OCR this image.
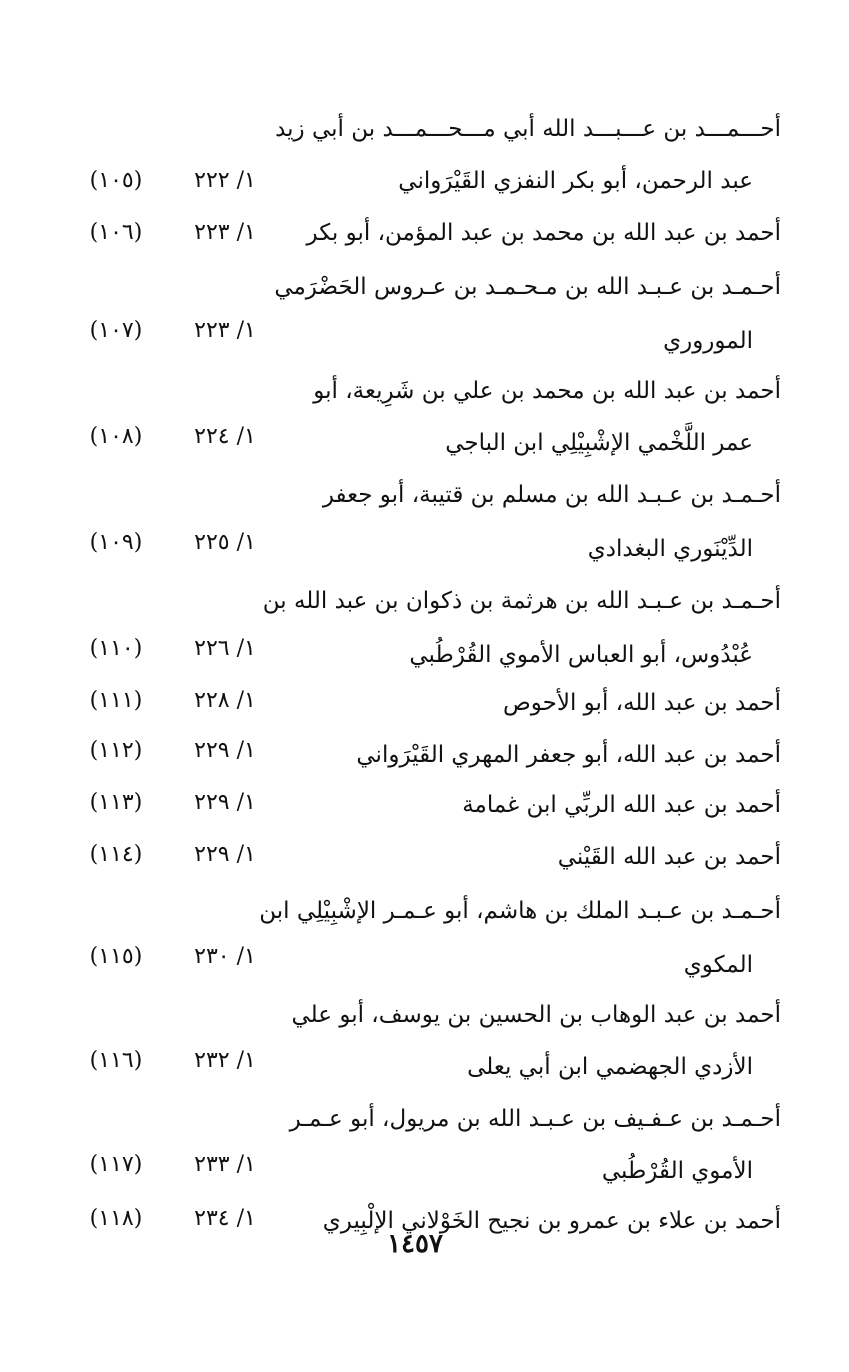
أحـــمـــد بن عـــبـــد الله أبي مـــحـــمـــد بن أبي زيد
عبد الرحمن، أبو بكر النفزي القَيْرَواني
١/ ٢٢٢
(١٠٥)
أحمد بن عبد الله بن محمد بن عبد المؤمن، أبو بكر
١/ ٢٢٣
(١٠٦)
أحـمـد بن عـبـد الله بن مـحـمـد بن عـروس الحَضْرَمي
الموروري
١/ ٢٢٣
(١٠٧)
أحمد بن عبد الله بن محمد بن علي بن شَرِيعة، أبو
عمر اللَّخْمي الإشْبِيْلِي ابن الباجي
١/ ٢٢٤
(١٠٨)
أحـمـد بن عـبـد الله بن مسلم بن قتيبة، أبو جعفر
الدِّيْنَوري البغدادي
١/ ٢٢٥
(١٠٩)
أحـمـد بن عـبـد الله بن هرثمة بن ذكوان بن عبد الله بن
عُبْدُوس، أبو العباس الأموي القُرْطُبي
١/ ٢٢٦
(١١٠)
أحمد بن عبد الله، أبو الأحوص
١/ ٢٢٨
(١١١)
أحمد بن عبد الله، أبو جعفر المهري القَيْرَواني
١/ ٢٢٩
(١١٢)
أحمد بن عبد الله الربِّي ابن غمامة
١/ ٢٢٩
(١١٣)
أحمد بن عبد الله القَيْني
١/ ٢٢٩
(١١٤)
أحـمـد بن عـبـد الملك بن هاشم، أبو عـمـر الإشْبِيْلِي ابن
المكوي
١/ ٢٣٠
(١١٥)
أحمد بن عبد الوهاب بن الحسين بن يوسف، أبو علي
الأزدي الجهضمي ابن أبي يعلى
١/ ٢٣٢
(١١٦)
أحـمـد بن عـفـيف بن عـبـد الله بن مريول، أبو عـمـر
الأموي القُرْطُبي
١/ ٢٣٣
(١١٧)
أحمد بن علاء بن عمرو بن نجيح الخَوْلاني الإلْبِيري
١/ ٢٣٤
(١١٨)
١٤٥٧
